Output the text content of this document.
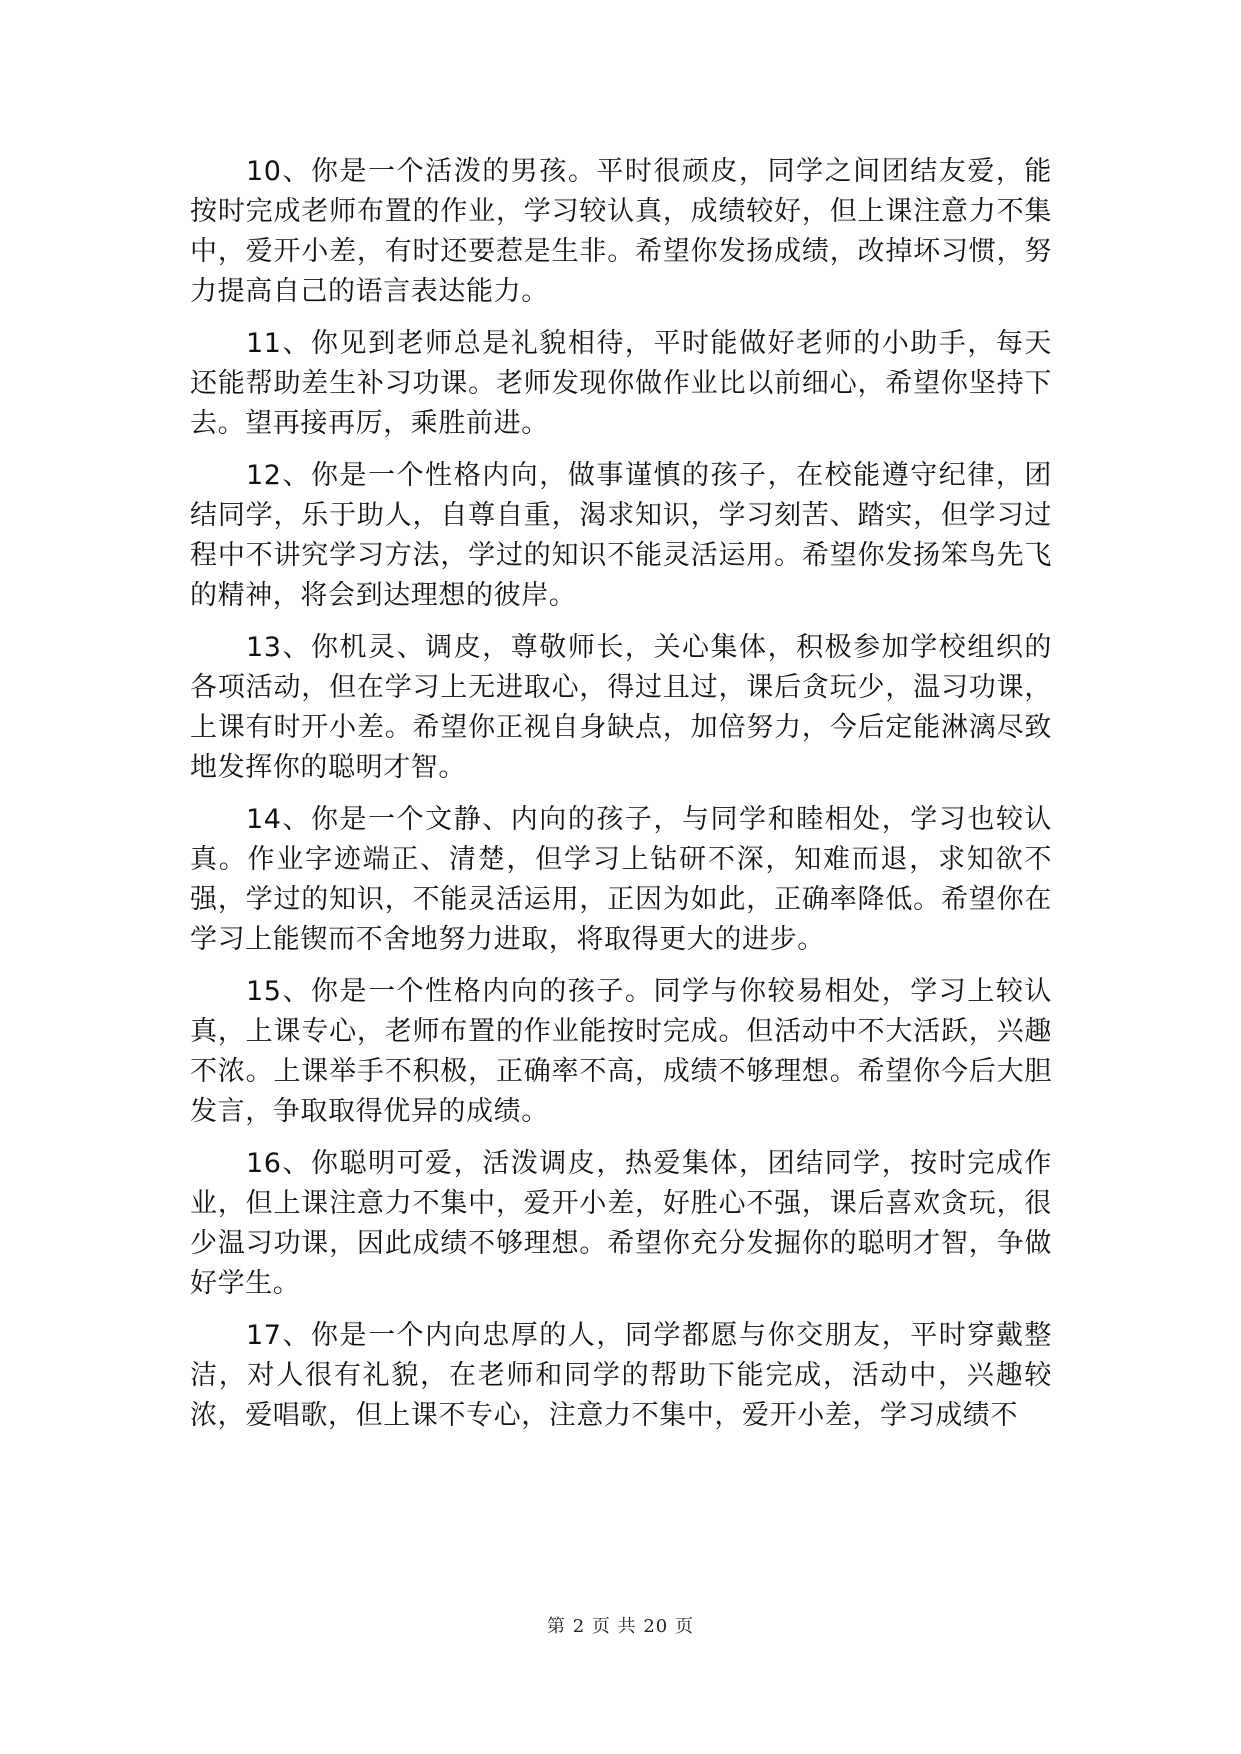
10、你是一个活泼的男孩。平时很顽皮，同学之间团结友爱，能按时完成老师布置的作业，学习较认真，成绩较好，但上课注意力不集中，爱开小差，有时还要惹是生非。希望你发扬成绩，改掉坏习惯，努力提高自己的语言表达能力。

11、你见到老师总是礼貌相待，平时能做好老师的小助手，每天还能帮助差生补习功课。老师发现你做作业比以前细心，希望你坚持下去。望再接再厉，乘胜前进。

12、你是一个性格内向，做事谨慎的孩子，在校能遵守纪律，团结同学，乐于助人，自尊自重，渴求知识，学习刻苦、踏实，但学习过程中不讲究学习方法，学过的知识不能灵活运用。希望你发扬笨鸟先飞的精神，将会到达理想的彼岸。

13、你机灵、调皮，尊敬师长，关心集体，积极参加学校组织的各项活动，但在学习上无进取心，得过且过，课后贪玩少，温习功课，上课有时开小差。希望你正视自身缺点，加倍努力，今后定能淋漓尽致地发挥你的聪明才智。

14、你是一个文静、内向的孩子，与同学和睦相处，学习也较认真。作业字迹端正、清楚，但学习上钻研不深，知难而退，求知欲不强，学过的知识，不能灵活运用，正因为如此，正确率降低。希望你在学习上能锲而不舍地努力进取，将取得更大的进步。

15、你是一个性格内向的孩子。同学与你较易相处，学习上较认真，上课专心，老师布置的作业能按时完成。但活动中不大活跃，兴趣不浓。上课举手不积极，正确率不高，成绩不够理想。希望你今后大胆发言，争取取得优异的成绩。

16、你聪明可爱，活泼调皮，热爱集体，团结同学，按时完成作业，但上课注意力不集中，爱开小差，好胜心不强，课后喜欢贪玩，很少温习功课，因此成绩不够理想。希望你充分发掘你的聪明才智，争做好学生。

17、你是一个内向忠厚的人，同学都愿与你交朋友，平时穿戴整洁，对人很有礼貌，在老师和同学的帮助下能完成，活动中，兴趣较浓，爱唱歌，但上课不专心，注意力不集中，爱开小差，学习成绩不

第 2 页 共 20 页
